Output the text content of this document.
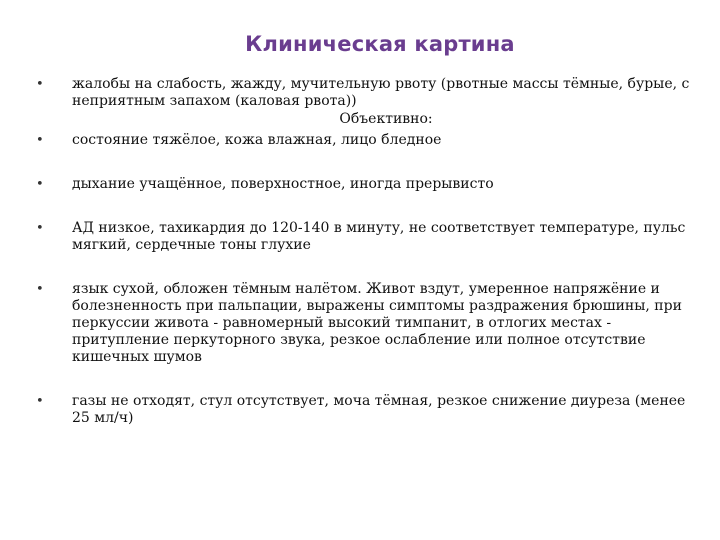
Клиническая картина
• жалобы на слабость, жажду, мучительную рвоту (рвотные массы тёмные, бурые, с неприятным запахом (каловая рвота))
Объективно:
• состояние тяжёлое, кожа влажная, лицо бледное
• дыхание учащённое, поверхностное, иногда прерывисто
• АД низкое, тахикардия до 120-140 в минуту, не соответствует температуре, пульс мягкий, сердечные тоны глухие
• язык сухой, обложен тёмным налётом. Живот вздут, умеренное напряжёние и болезненность при пальпации, выражены симптомы раздражения брюшины, при перкуссии живота - равномерный высокий тимпанит, в отлогих местах - притупление перкуторного звука, резкое ослабление или полное отсутствие кишечных шумов
• газы не отходят, стул отсутствует, моча тёмная, резкое снижение диуреза (менее 25 мл/ч)
